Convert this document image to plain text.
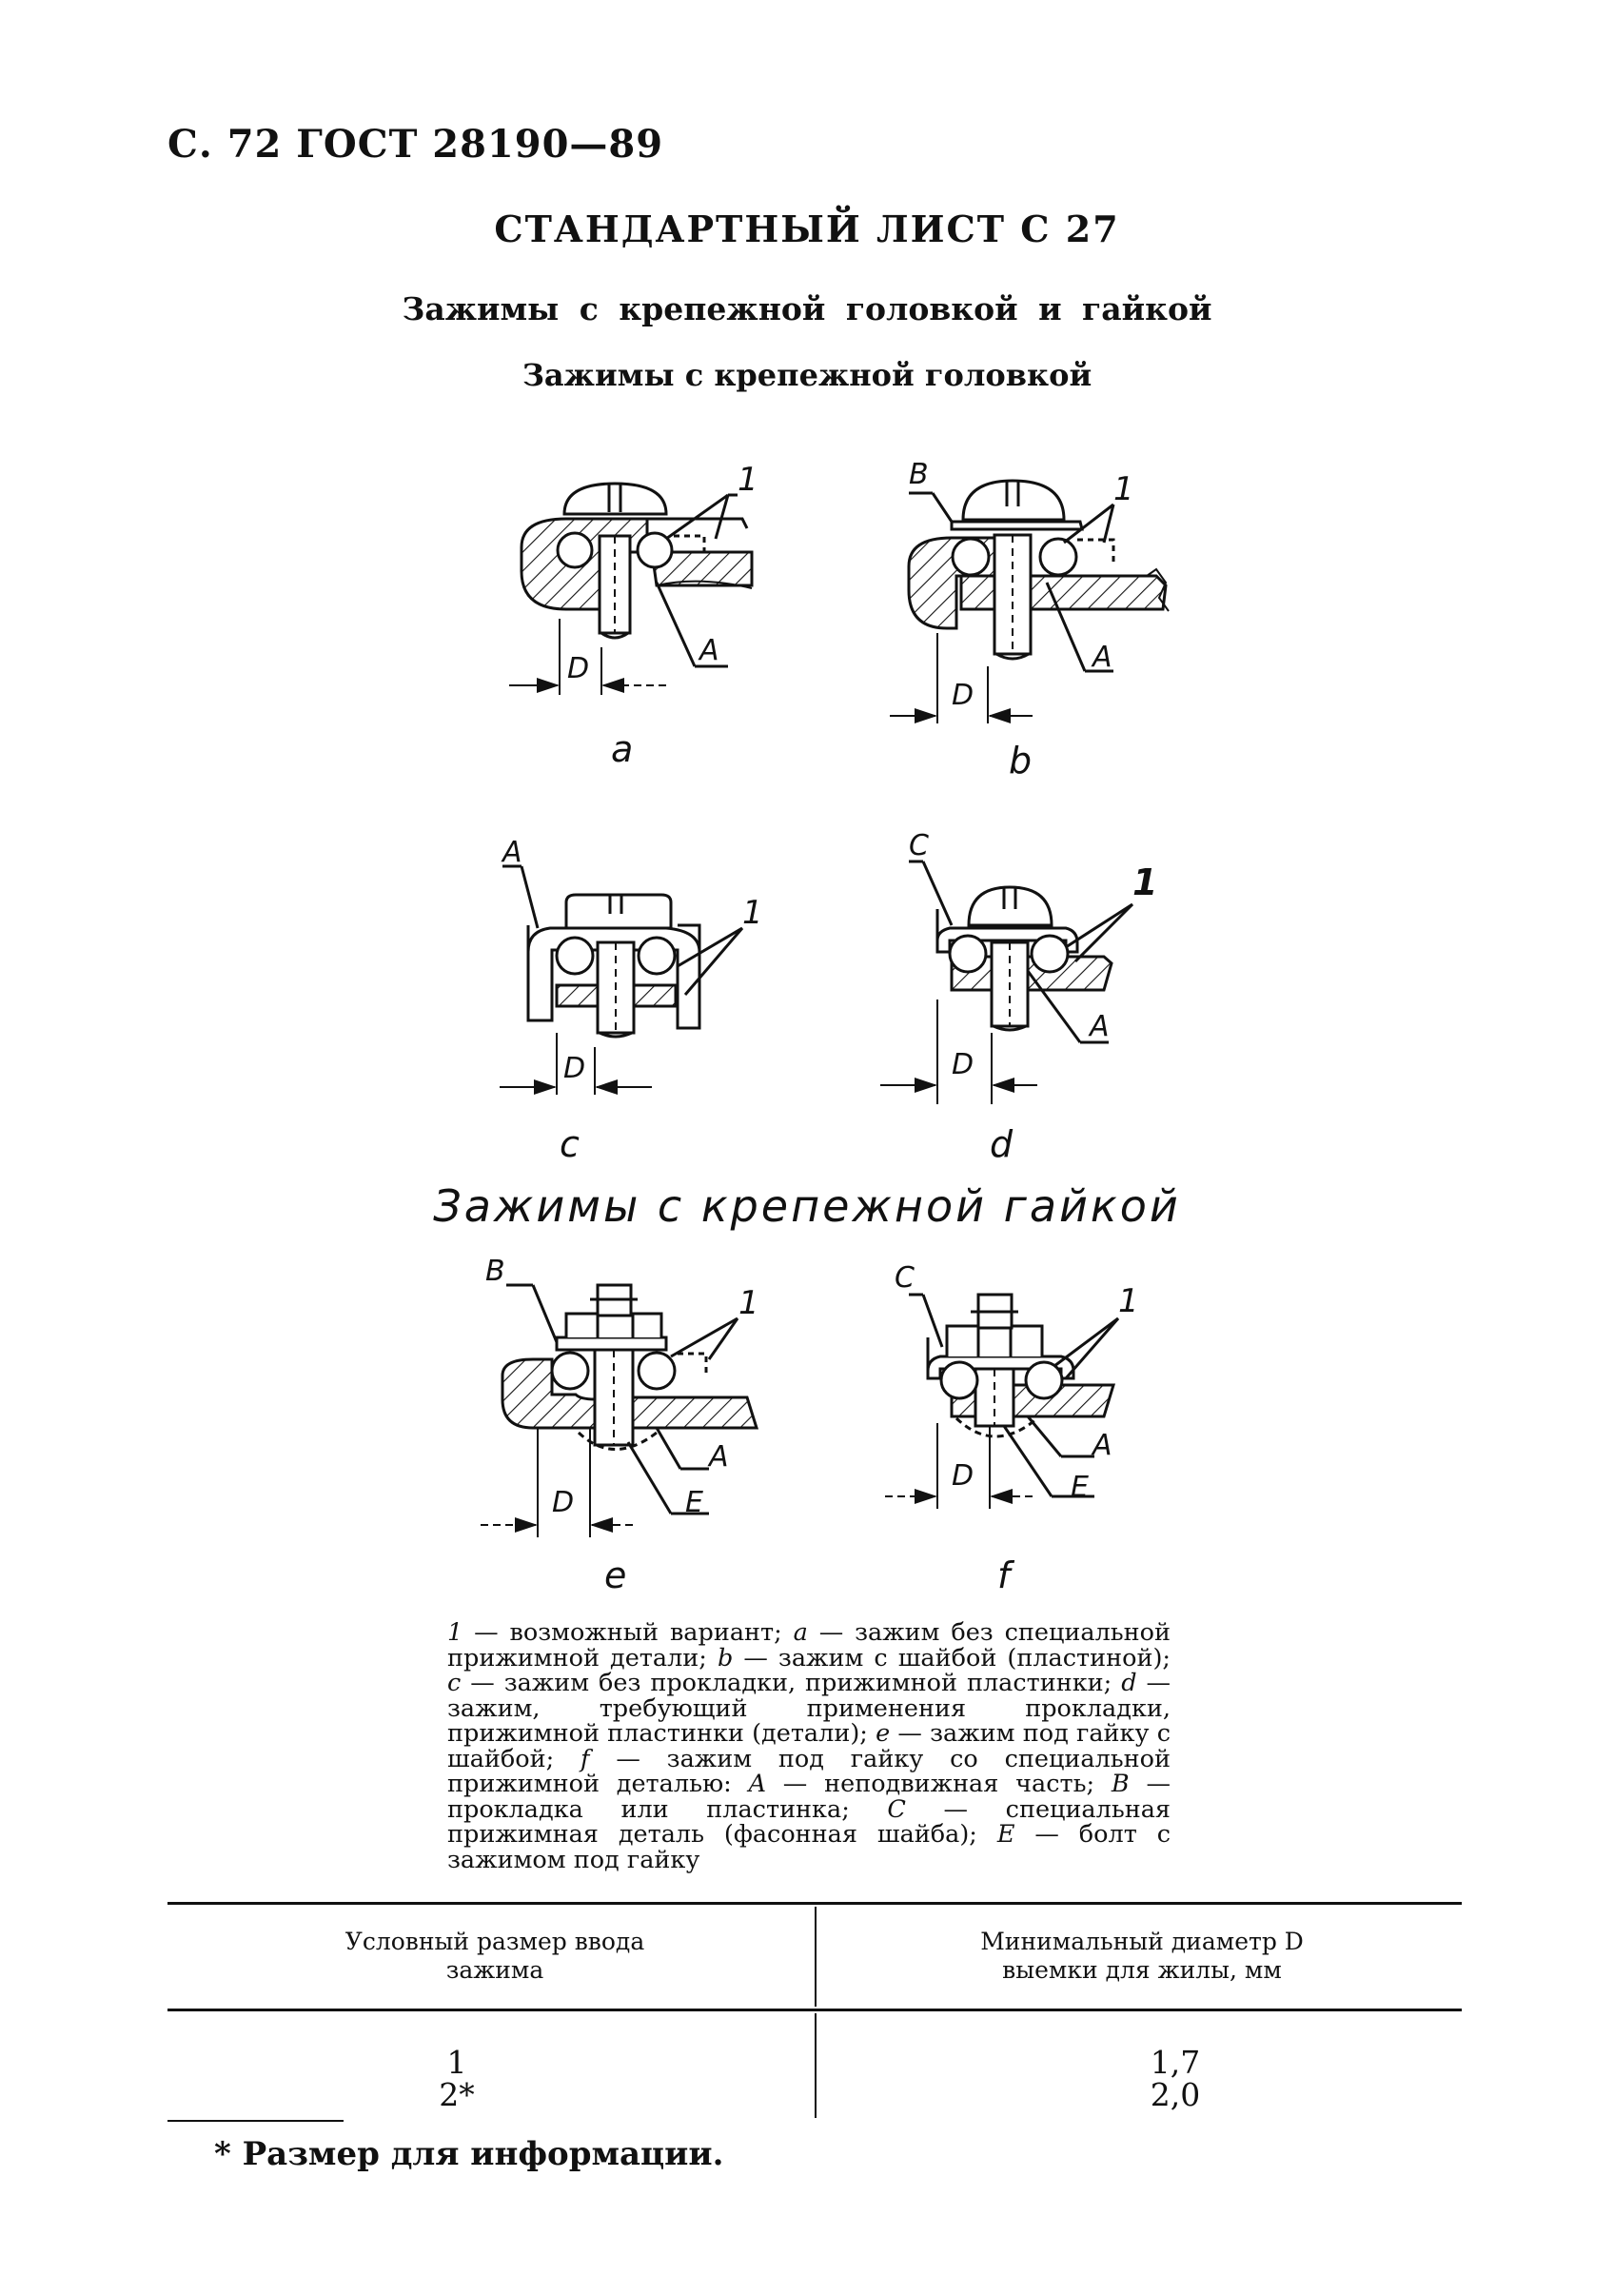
С. 72 ГОСТ 28190—89
СТАНДАРТНЫЙ ЛИСТ С 27
Зажимы с крепежной головкой и гайкой
Зажимы с крепежной головкой
1
A
D
a
1
B
A
D
b
1
A
D
c
1
C
A
D
d
Зажимы с крепежной гайкой
1
B
A
E
D
e
1
C
A
E
D
f
1 — возможный вариант; a — зажим без специальной прижимной детали; b — зажим с шайбой (пластиной); c — зажим без прокладки, прижимной пластинки; d — зажим, требующий применения прокладки, прижимной пластинки (детали); e — зажим под гайку с шайбой; f — зажим под гайку со специальной прижимной деталью: A — неподвижная часть; B — прокладка или пластинка; C — специальная прижимная деталь (фасонная шайба); E — болт с зажимом под гайку
Условный размер ввода
зажима
Минимальный диаметр D
выемки для жилы, мм
1
2*
1,7
2,0
* Размер для информации.
